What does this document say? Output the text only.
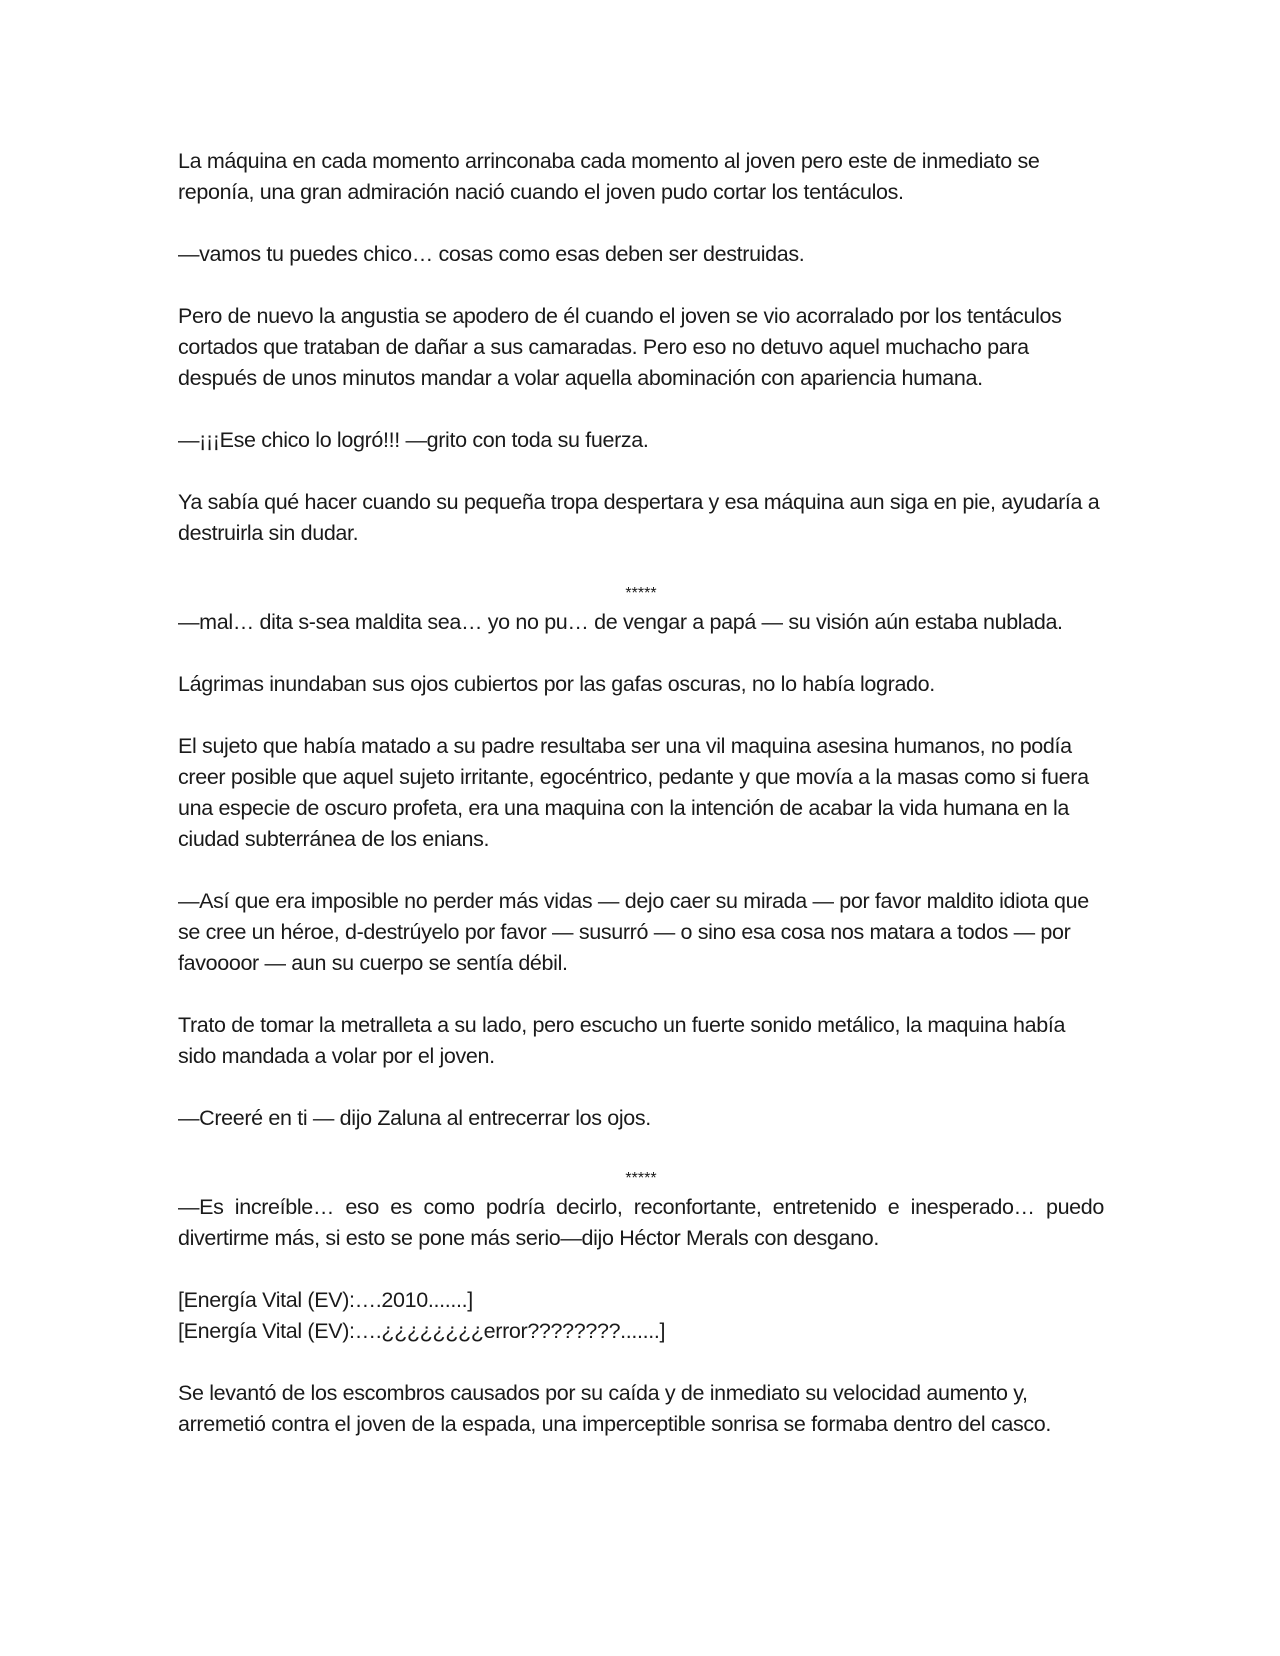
La máquina en cada momento arrinconaba cada momento al joven pero este de inmediato se reponía, una gran admiración nació cuando el joven pudo cortar los tentáculos.

—vamos tu puedes chico… cosas como esas deben ser destruidas.

Pero de nuevo la angustia se apodero de él cuando el joven se vio acorralado por los tentáculos cortados que trataban de dañar a sus camaradas. Pero eso no detuvo aquel muchacho para después de unos minutos mandar a volar aquella abominación con apariencia humana.

—¡¡¡Ese chico lo logró!!! —grito con toda su fuerza.

Ya sabía qué hacer cuando su pequeña tropa despertara y esa máquina aun siga en pie, ayudaría a destruirla sin dudar.

*****

—mal… dita s-sea maldita sea… yo no pu… de vengar a papá — su visión aún estaba nublada.

Lágrimas inundaban sus ojos cubiertos por las gafas oscuras, no lo había logrado.

El sujeto que había matado a su padre resultaba ser una vil maquina asesina humanos, no podía creer posible que aquel sujeto irritante, egocéntrico, pedante y que movía a la masas como si fuera una especie de oscuro profeta, era una maquina con la intención de acabar la vida humana en la ciudad subterránea de los enians.

—Así que era imposible no perder más vidas — dejo caer su mirada — por favor maldito idiota que se cree un héroe, d-destrúyelo por favor — susurró — o sino esa cosa nos matara a todos — por favoooor — aun su cuerpo se sentía débil.

Trato de tomar la metralleta a su lado, pero escucho un fuerte sonido metálico, la maquina había sido mandada a volar por el joven.

—Creeré en ti — dijo Zaluna al entrecerrar los ojos.

*****

—Es increíble… eso es como podría decirlo, reconfortante, entretenido e inesperado… puedo divertirme más, si esto se pone más serio—dijo Héctor Merals con desgano.

[Energía Vital (EV):….2010.......]
[Energía Vital (EV):….¿¿¿¿¿¿¿¿error????????.......]

Se levantó de los escombros causados por su caída y de inmediato su velocidad aumento y, arremetió contra el joven de la espada, una imperceptible sonrisa se formaba dentro del casco.
